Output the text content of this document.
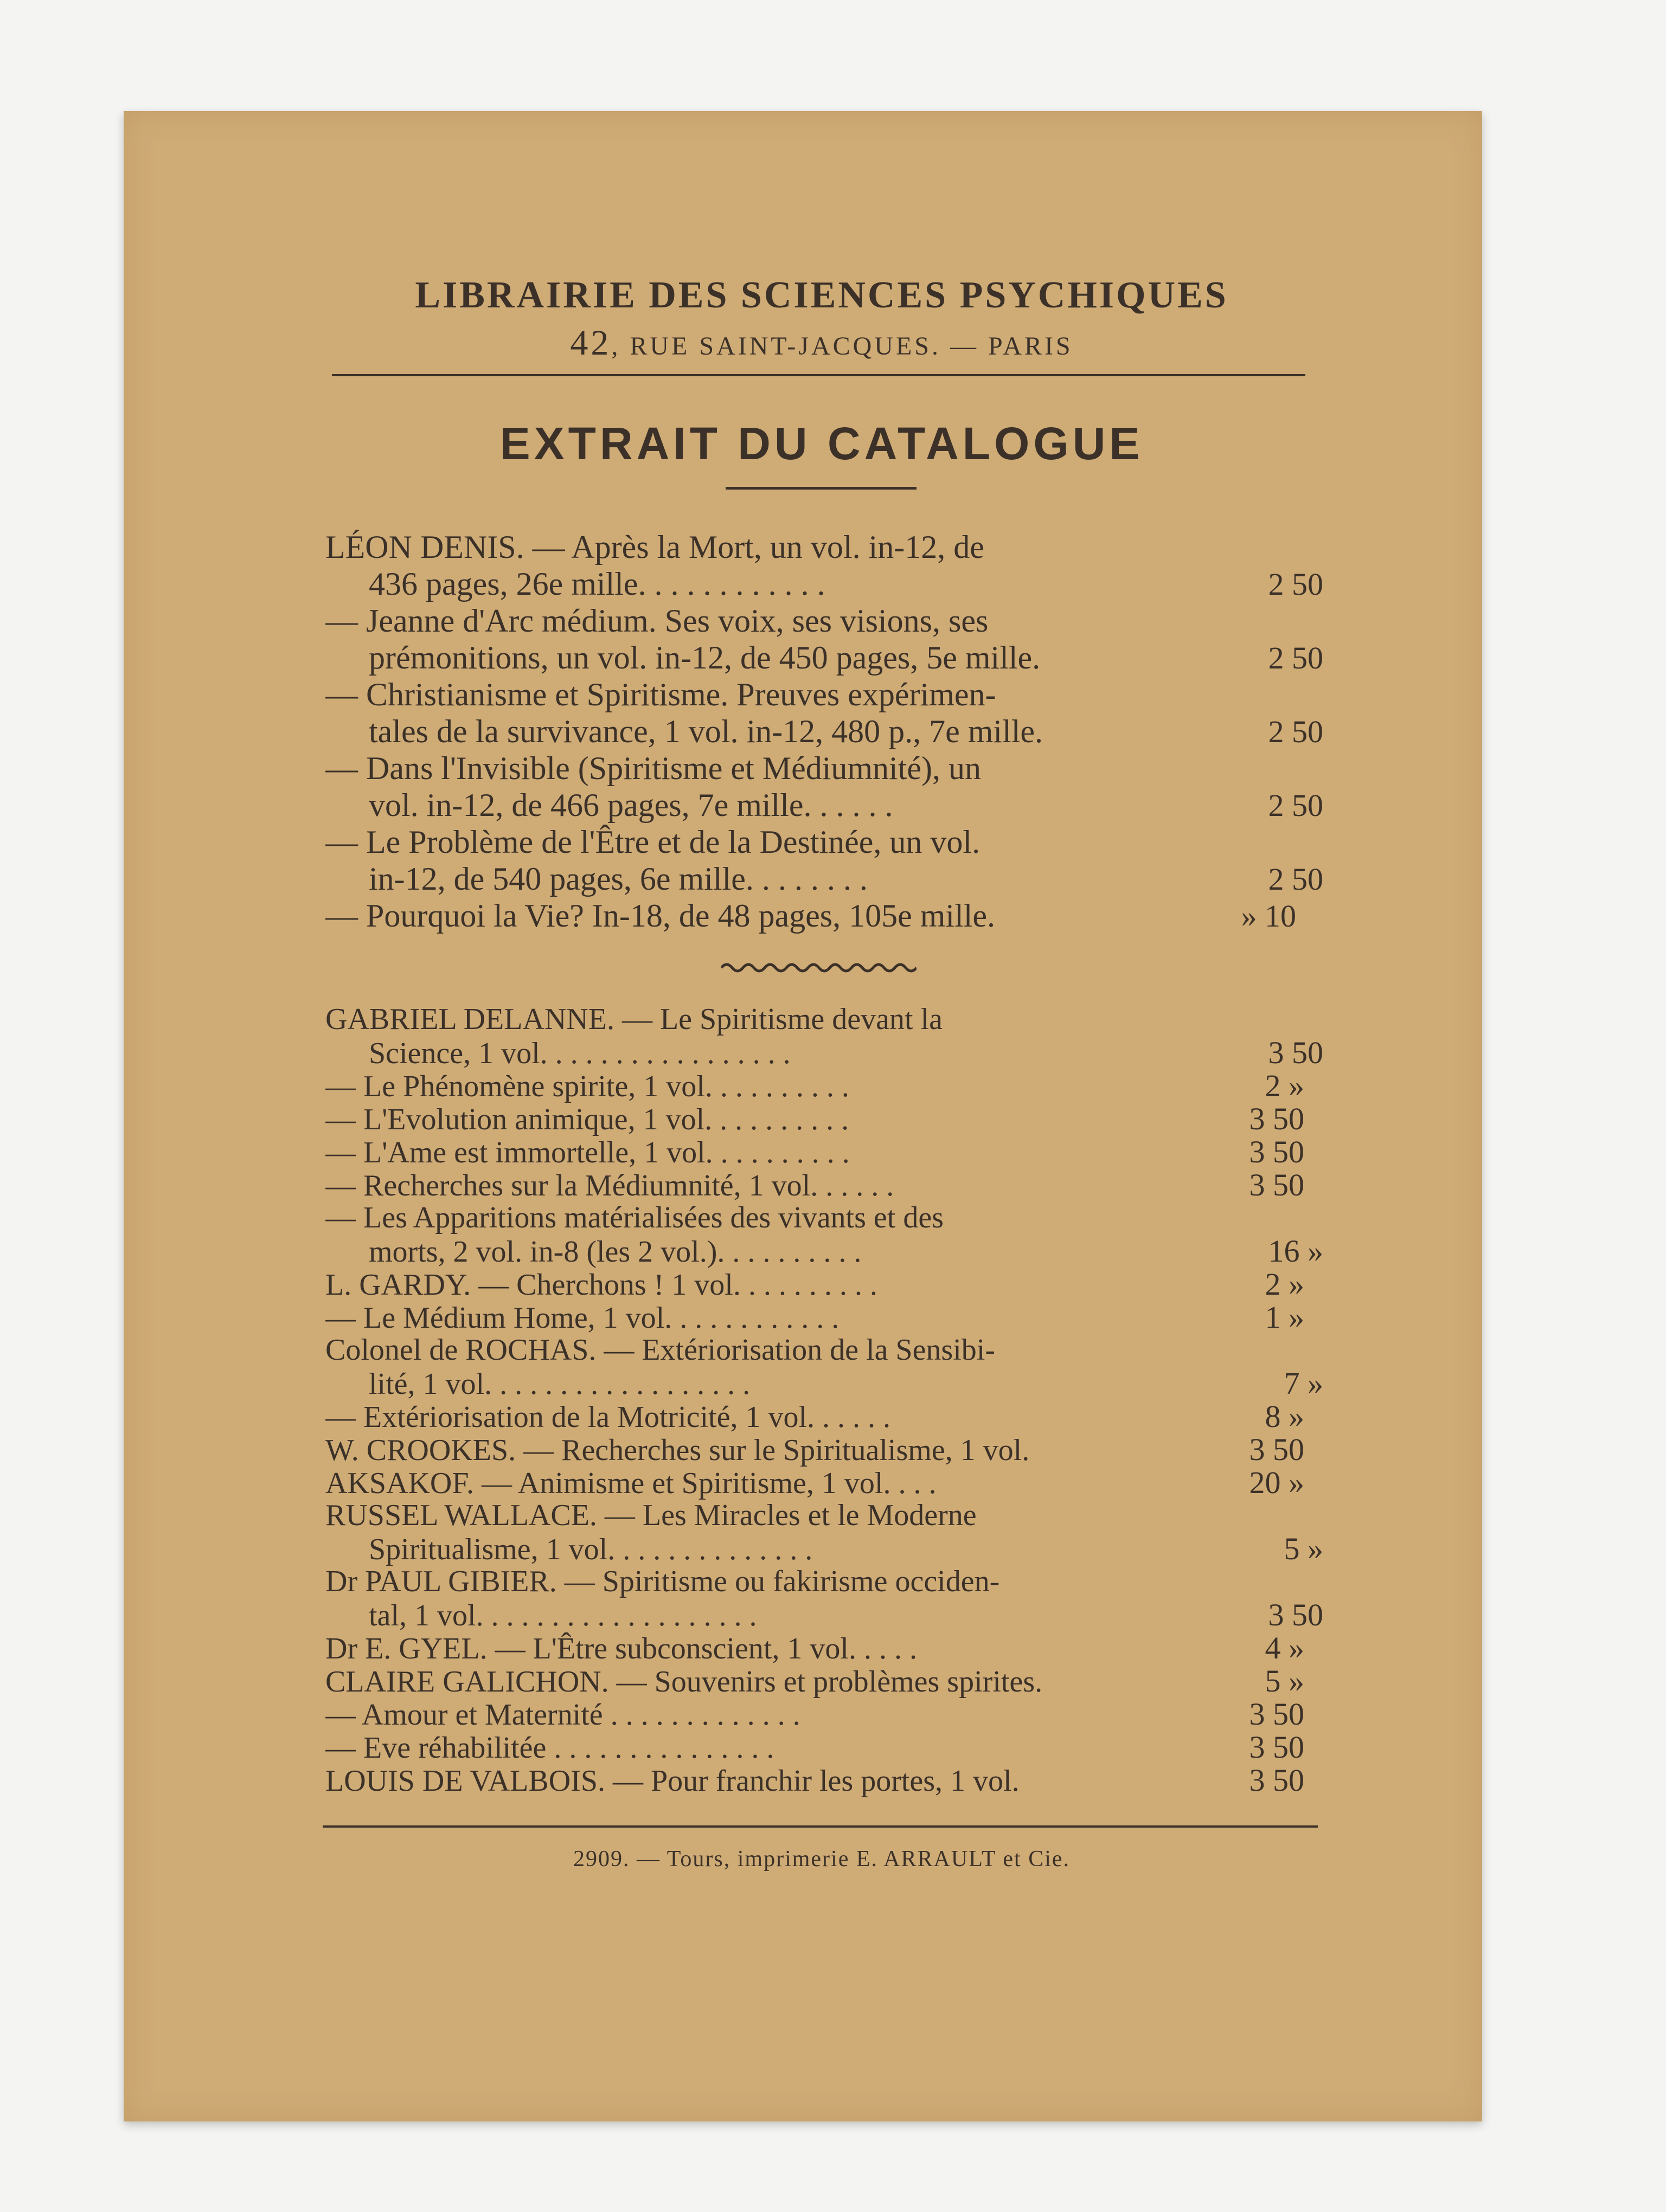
LIBRAIRIE DES SCIENCES PSYCHIQUES
42, RUE SAINT-JACQUES. — PARIS
EXTRAIT DU CATALOGUE
LÉON DENIS. — Après la Mort, un vol. in-12, de
436 pages, 26e mille. . . . . . . . . . . .	2 50
— Jeanne d'Arc médium. Ses voix, ses visions, ses
prémonitions, un vol. in-12, de 450 pages, 5e mille.	2 50
— Christianisme et Spiritisme. Preuves expérimen-
tales de la survivance, 1 vol. in-12, 480 p., 7e mille.	2 50
— Dans l'Invisible (Spiritisme et Médiumnité), un
vol. in-12, de 466 pages, 7e mille. . . . . .	2 50
— Le Problème de l'Être et de la Destinée, un vol.
in-12, de 540 pages, 6e mille. . . . . . . .	2 50
— Pourquoi la Vie? In-18, de 48 pages, 105e mille.	» 10
GABRIEL DELANNE. — Le Spiritisme devant la
Science, 1 vol. . . . . . . . . . . . . . . . .	3 50
— Le Phénomène spirite, 1 vol. . . . . . . . . .	2 »
— L'Evolution animique, 1 vol. . . . . . . . . .	3 50
— L'Ame est immortelle, 1 vol. . . . . . . . . .	3 50
— Recherches sur la Médiumnité, 1 vol. . . . . .	3 50
— Les Apparitions matérialisées des vivants et des
morts, 2 vol. in-8 (les 2 vol.). . . . . . . . . .	16 »
L. GARDY. — Cherchons ! 1 vol. . . . . . . . . .	2 »
— Le Médium Home, 1 vol. . . . . . . . . . . .	1 »
Colonel de ROCHAS. — Extériorisation de la Sensibi-
lité, 1 vol. . . . . . . . . . . . . . . . . .	7 »
— Extériorisation de la Motricité, 1 vol. . . . . .	8 »
W. CROOKES. — Recherches sur le Spiritualisme, 1 vol.	3 50
AKSAKOF. — Animisme et Spiritisme, 1 vol. . . .	20 »
RUSSEL WALLACE. — Les Miracles et le Moderne
Spiritualisme, 1 vol. . . . . . . . . . . . . .	5 »
Dr PAUL GIBIER. — Spiritisme ou fakirisme occiden-
tal, 1 vol. . . . . . . . . . . . . . . . . . .	3 50
Dr E. GYEL. — L'Être subconscient, 1 vol. . . . .	4 »
CLAIRE GALICHON. — Souvenirs et problèmes spirites.	5 »
— Amour et Maternité . . . . . . . . . . . . .	3 50
— Eve réhabilitée . . . . . . . . . . . . . . .	3 50
LOUIS DE VALBOIS. — Pour franchir les portes, 1 vol.	3 50
2909. — Tours, imprimerie E. ARRAULT et Cie.
